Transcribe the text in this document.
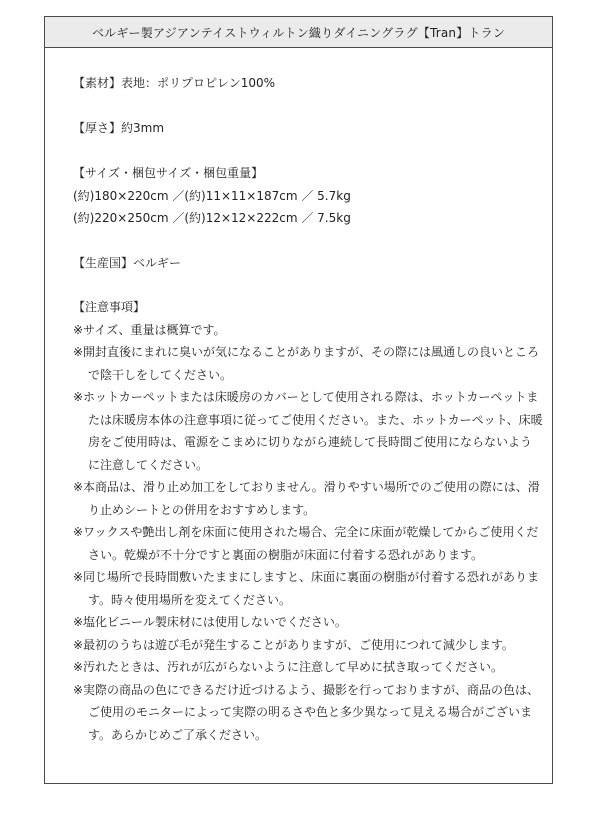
ベルギー製アジアンテイストウィルトン織りダイニングラグ【Tran】トラン
【素材】表地：ポリプロピレン100%
【厚さ】約3mm
【サイズ・梱包サイズ・梱包重量】
(約)180×220cm ／(約)11×11×187cm ／ 5.7kg
(約)220×250cm ／(約)12×12×222cm ／ 7.5kg
【生産国】ベルギー
【注意事項】
※サイズ、重量は概算です。
※開封直後にまれに臭いが気になることがありますが、その際には風通しの良いところで陰干しをしてください。
※ホットカーペットまたは床暖房のカバーとして使用される際は、ホットカーペットまたは床暖房本体の注意事項に従ってご使用ください。また、ホットカーペット、床暖房をご使用時は、電源をこまめに切りながら連続して長時間ご使用にならないように注意してください。
※本商品は、滑り止め加工をしておりません。滑りやすい場所でのご使用の際には、滑り止めシートとの併用をおすすめします。
※ワックスや艶出し剤を床面に使用された場合、完全に床面が乾燥してからご使用ください。乾燥が不十分ですと裏面の樹脂が床面に付着する恐れがあります。
※同じ場所で長時間敷いたままにしますと、床面に裏面の樹脂が付着する恐れがあります。時々使用場所を変えてください。
※塩化ビニール製床材には使用しないでください。
※最初のうちは遊び毛が発生することがありますが、ご使用につれて減少します。
※汚れたときは、汚れが広がらないように注意して早めに拭き取ってください。
※実際の商品の色にできるだけ近づけるよう、撮影を行っておりますが、商品の色は、ご使用のモニターによって実際の明るさや色と多少異なって見える場合がございます。あらかじめご了承ください。
